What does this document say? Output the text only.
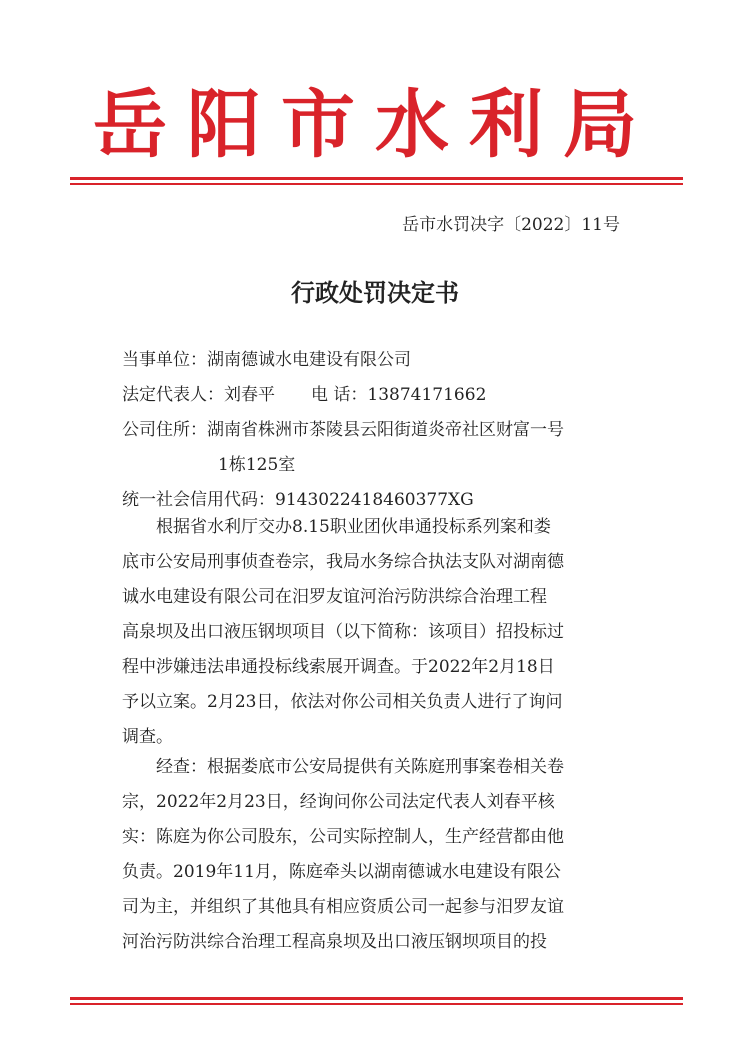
岳阳市水利局
岳市水罚决字〔2022〕11号
行政处罚决定书
当事单位：湖南德诚水电建设有限公司
法定代表人：刘春平 电 话：13874171662
公司住所：湖南省株洲市茶陵县云阳街道炎帝社区财富一号
1栋125室
统一社会信用代码：9143022418460377XG
根据省水利厅交办8.15职业团伙串通投标系列案和娄
底市公安局刑事侦查卷宗，我局水务综合执法支队对湖南德
诚水电建设有限公司在汨罗友谊河治污防洪综合治理工程
高泉坝及出口液压钢坝项目（以下简称：该项目）招投标过
程中涉嫌违法串通投标线索展开调查。于2022年2月18日
予以立案。2月23日，依法对你公司相关负责人进行了询问
调查。
经查：根据娄底市公安局提供有关陈庭刑事案卷相关卷
宗，2022年2月23日，经询问你公司法定代表人刘春平核
实：陈庭为你公司股东，公司实际控制人，生产经营都由他
负责。2019年11月，陈庭牵头以湖南德诚水电建设有限公
司为主，并组织了其他具有相应资质公司一起参与汨罗友谊
河治污防洪综合治理工程高泉坝及出口液压钢坝项目的投
